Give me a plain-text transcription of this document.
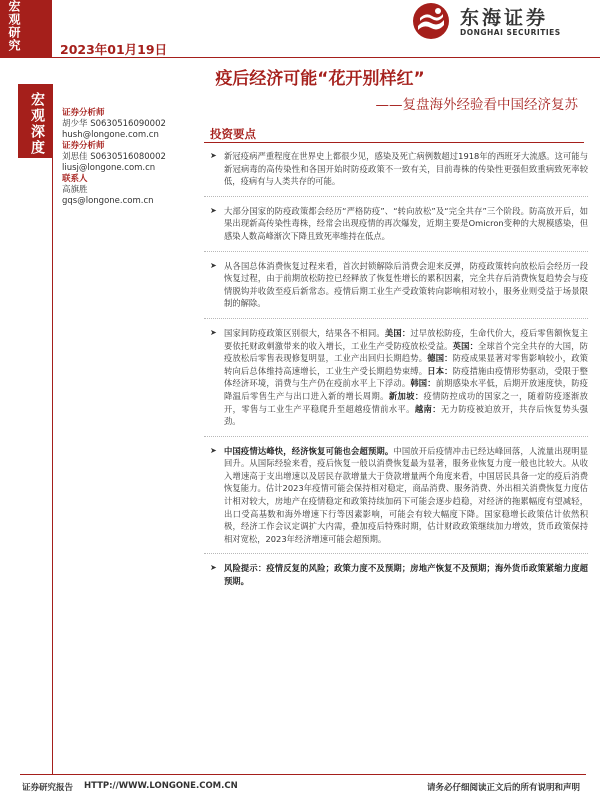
宏观研究	2023年01月19日
东海证券
DONGHAI SECURITIES
宏观深度
疫后经济可能“花开别样红”
——复盘海外经验看中国经济复苏
证券分析师
胡少华 S0630516090002
hush@longone.com.cn
证券分析师
刘思佳 S0630516080002
liusj@longone.com.cn
联系人
高旗胜
gqs@longone.com.cn
投资要点
➤ 新冠疫病严重程度在世界史上都很少见，感染及死亡病例数超过1918年的西班牙大流感。这可能与新冠病毒的高传染性和各国开始时防疫政策不一致有关，目前毒株的传染性更强但致重病致死率较低，疫病有与人类共存的可能。
➤ 大部分国家的防疫政策都会经历“严格防疫”、“转向放松”及“完全共存”三个阶段。防高放开后，如果出现新高传染性毒株，经常会出现疫情的再次爆发，近期主要是Omicron变种的大规模感染，但感染人数高峰渐次下降且致死率维持在低点。
➤ 从各国总体消费恢复过程来看，首次封锁解除后消费会迎来反弹，防疫政策转向放松后会经历一段恢复过程，由于前期放松防控已经释放了恢复性增长的累积因素，完全共存后消费恢复趋势会与疫情脱钩并收敛至疫后新常态。疫情后期工业生产受政策转向影响相对较小，服务业则受益于场景限制的解除。
➤ 国家间防疫政策区别很大，结果各不相同。美国：过早放松防疫，生命代价大，疫后零售额恢复主要依托财政刺激带来的收入增长，工业生产受防疫放松受益。英国：全球首个完全共存的大国，防疫放松后零售表现修复明显，工业产出回归长期趋势。德国：防疫成果显著对零售影响较小，政策转向后总体维持高速增长，工业生产受长期趋势束缚。日本：防疫措施由疫情形势驱动，受限于整体经济环境，消费与生产仍在疫前水平上下浮动。韩国：前期感染水平低，后期开放速度快，防疫降温后零售生产与出口进入新的增长周期。新加坡：疫情防控成功的国家之一，随着防疫逐渐放开，零售与工业生产平稳爬升至超越疫情前水平。越南：无力防疫被迫放开，共存后恢复势头强劲。
➤ 中国疫情达峰快，经济恢复可能也会超预期。中国放开后疫情冲击已经达峰回落，人流量出现明显回升。从国际经验来看，疫后恢复一般以消费恢复最为显著，服务业恢复力度一般也比较大。从收入增速高于支出增速以及居民存款增量大于贷款增量两个角度来看，中国居民具备一定的疫后消费恢复能力。估计2023年疫情可能会保持相对稳定，商品消费、服务消费、外出相关消费恢复力度估计相对较大，房地产在疫情稳定和政策持续加码下可能会逐步趋稳，对经济的拖累幅度有望减轻，出口受高基数和海外增速下行等因素影响，可能会有较大幅度下降。国家稳增长政策估计依然积极，经济工作会议定调扩大内需，叠加疫后特殊时期，估计财政政策继续加力增效，货币政策保持相对宽松，2023年经济增速可能会超预期。
➤ 风险提示：疫情反复的风险；政策力度不及预期；房地产恢复不及预期；海外货币政策紧缩力度超预期。
证券研究报告 HTTP://WWW.LONGONE.COM.CN	请务必仔细阅读正文后的所有说明和声明
